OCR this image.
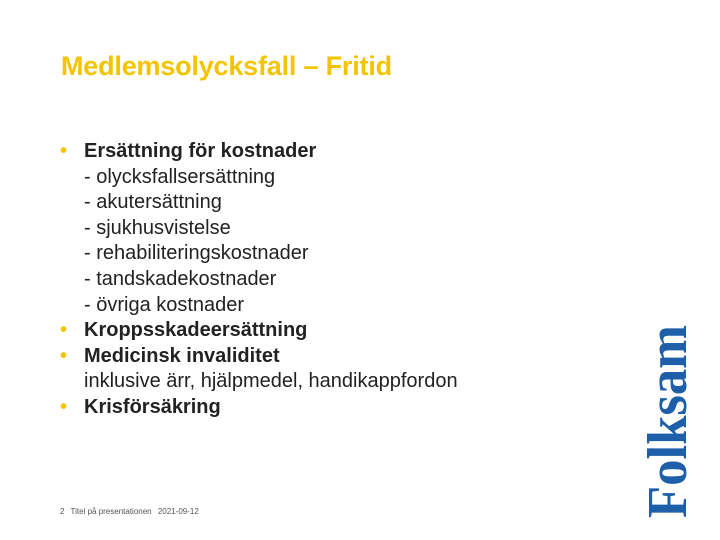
Medlemsolycksfall – Fritid
• Ersättning för kostnader
- olycksfallsersättning
- akutersättning
- sjukhusvistelse
- rehabiliteringskostnader
- tandskadekostnader
- övriga kostnader
• Kroppsskadeersättning
• Medicinsk invaliditet
inklusive ärr, hjälpmedel, handikappfordon
• Krisförsäkring
2 Titel på presentationen 2021-09-12	Folksam
